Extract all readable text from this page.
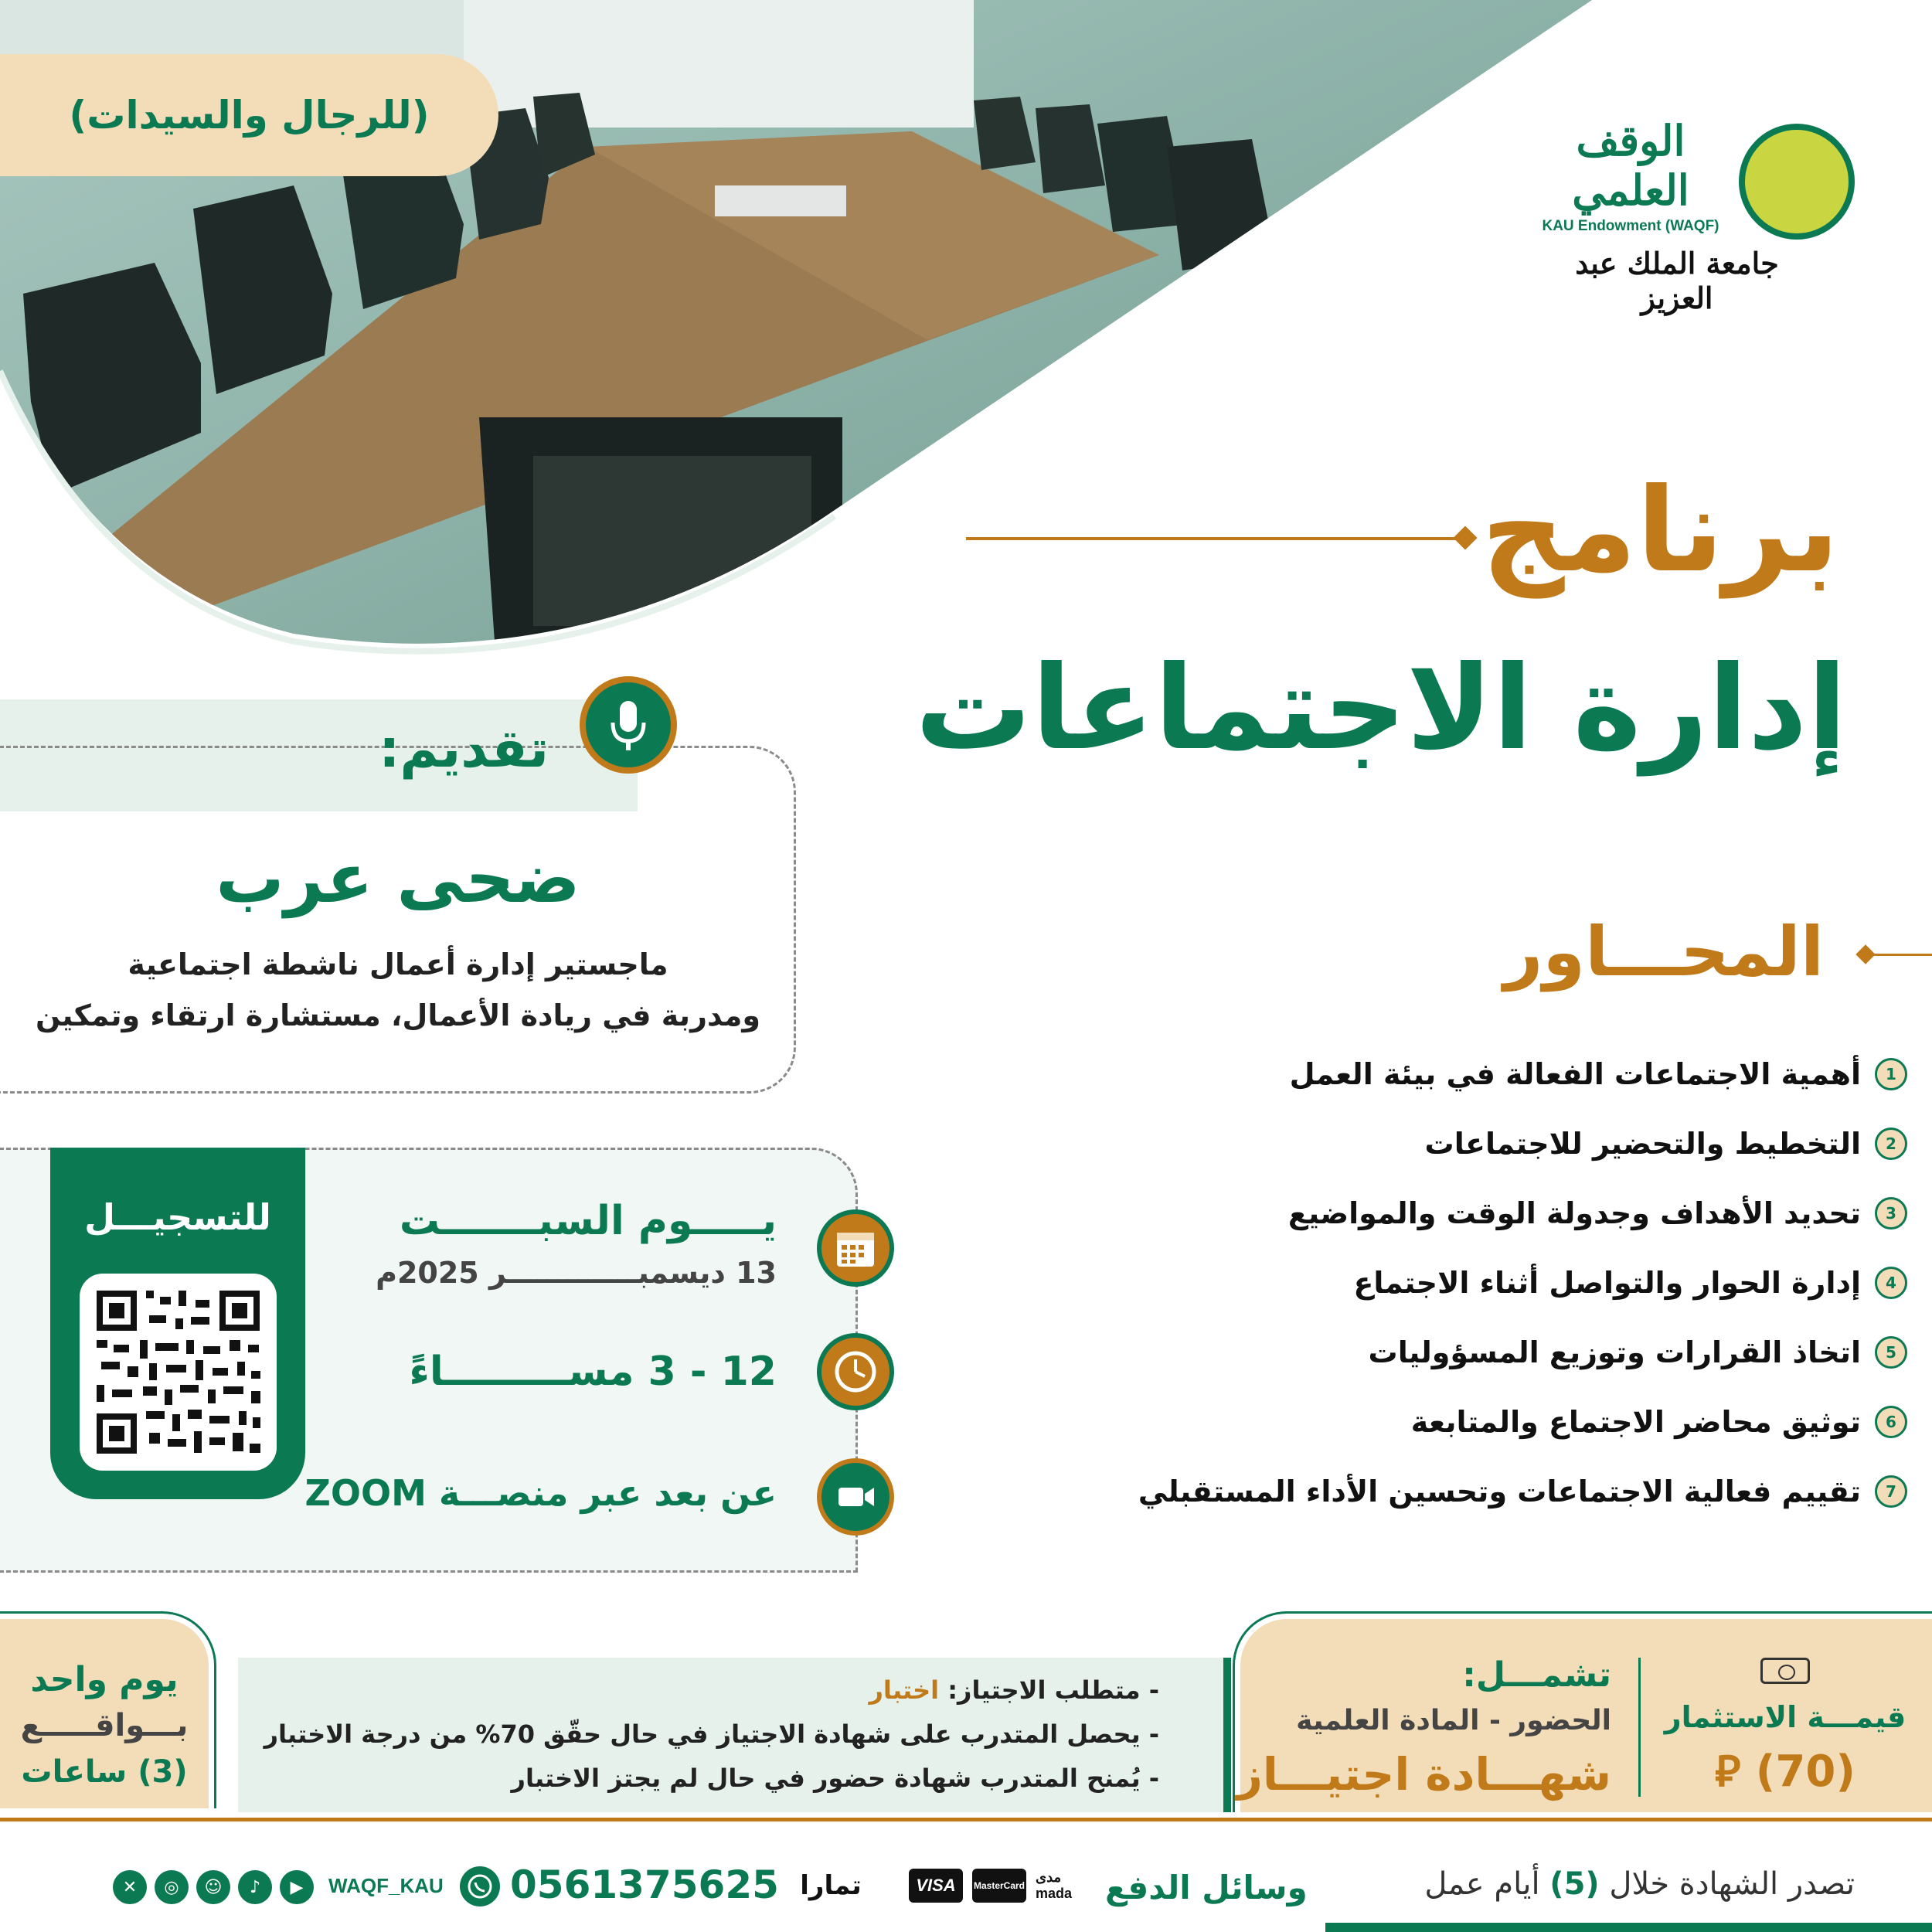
(للرجال والسيدات)
الوقف العلمي
KAU Endowment (WAQF)
جامعة الملك عبد العزيز
برنامج
إدارة الاجتماعات
المحـــاور
1
أهمية الاجتماعات الفعالة في بيئة العمل
2
التخطيط والتحضير للاجتماعات
3
تحديد الأهداف وجدولة الوقت والمواضيع
4
إدارة الحوار والتواصل أثناء الاجتماع
5
اتخاذ القرارات وتوزيع المسؤوليات
6
توثيق محاضر الاجتماع والمتابعة
7
تقييم فعالية الاجتماعات وتحسين الأداء المستقبلي
تقديم:
ضحى عرب
ماجستير إدارة أعمال ناشطة اجتماعية
ومدربة في ريادة الأعمال، مستشارة ارتقاء وتمكين
للتسجيـــل	يـــــوم السبـــــــت
13 ديسمبـــــــــــــر 2025م
12 - 3 مســـــــــاءً
عن بعد عبر منصـــة ZOOM
يوم واحد
بـــواقـــــع
(3) ساعات
- متطلب الاجتياز: اختبار
- يحصل المتدرب على شهادة الاجتياز في حال حقّق 70% من درجة الاختبار
- يُمنح المتدرب شهادة حضور في حال لم يجتز الاختبار
تشمـــل:
الحضور - المادة العلمية
شهـــادة اجتيـــاز
قيمـــة الاستثمار
(70) ⃁
تصدر الشهادة خلال (5) أيام عمل
وسائل الدفع
مدى mada
MasterCard
VISA
تمارا
0561375625
WAQF_KAU
▶
♪
☺
◎
✕
